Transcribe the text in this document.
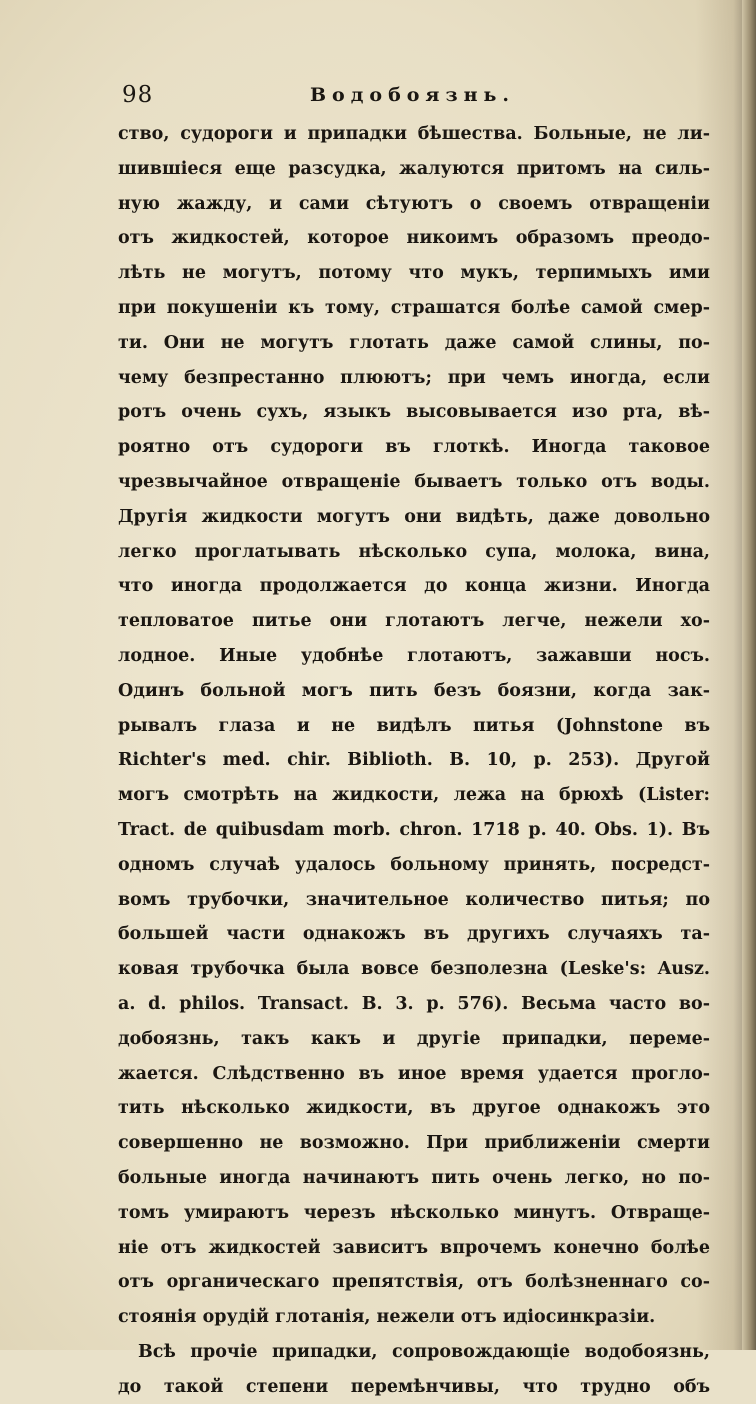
98	Водобоязнь.
ство, судороги и припадки бѣшества. Больные, не ли-
шившіеся еще разсудка, жалуются притомъ на силь-
ную жажду, и сами сѣтуютъ о своемъ отвращеніи
отъ жидкостей, которое никоимъ образомъ преодо-
лѣть не могутъ, потому что мукъ, терпимыхъ ими
при покушеніи къ тому, страшатся болѣе самой смер-
ти. Они не могутъ глотать даже самой слины, по-
чему безпрестанно плюютъ; при чемъ иногда, если
ротъ очень сухъ, языкъ высовывается изо рта, вѣ-
роятно отъ судороги въ глоткѣ. Иногда таковое
чрезвычайное отвращеніе бываетъ только отъ воды.
Другія жидкости могутъ они видѣть, даже довольно
легко проглатывать нѣсколько супа, молока, вина,
что иногда продолжается до конца жизни. Иногда
тепловатое питье они глотаютъ легче, нежели хо-
лодное. Иные удобнѣе глотаютъ, зажавши носъ.
Одинъ больной могъ пить безъ боязни, когда зак-
рывалъ глаза и не видѣлъ питья (Johnstone въ
Richter's med. chir. Biblioth. B. 10, p. 253). Другой
могъ смотрѣть на жидкости, лежа на брюхѣ (Lister:
Tract. de quibusdam morb. chron. 1718 p. 40. Obs. 1). Въ
одномъ случаѣ удалось больному принять, посредст-
вомъ трубочки, значительное количество питья; по
большей части однакожъ въ другихъ случаяхъ та-
ковая трубочка была вовсе безполезна (Leske's: Ausz.
a. d. philos. Transact. B. 3. p. 576). Весьма часто во-
добоязнь, такъ какъ и другіе припадки, переме-
жается. Слѣдственно въ иное время удается прогло-
тить нѣсколько жидкости, въ другое однакожъ это
совершенно не возможно. При приближеніи смерти
больные иногда начинаютъ пить очень легко, но по-
томъ умираютъ черезъ нѣсколько минутъ. Отвраще-
ніе отъ жидкостей зависитъ впрочемъ конечно болѣе
отъ органическаго препятствія, отъ болѣзненнаго со-
стоянія орудій глотанія, нежели отъ идіосинкразіи.
Всѣ прочіе припадки, сопровождающіе водобоязнь,
до такой степени перемѣнчивы, что трудно объ
